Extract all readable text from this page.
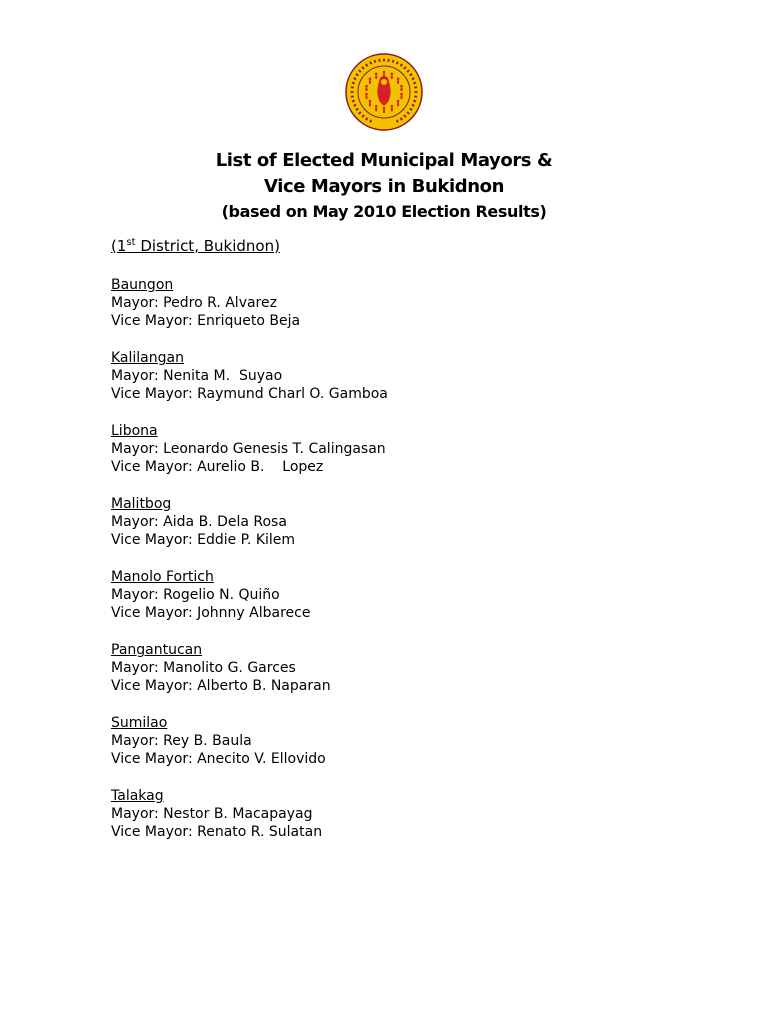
List of Elected Municipal Mayors &
Vice Mayors in Bukidnon
(based on May 2010 Election Results)
(1st District, Bukidnon)
Baungon
Mayor: Pedro R. Alvarez
Vice Mayor: Enriqueto Beja
Kalilangan
Mayor: Nenita M.  Suyao
Vice Mayor: Raymund Charl O. Gamboa
Libona
Mayor: Leonardo Genesis T. Calingasan
Vice Mayor: Aurelio B.    Lopez
Malitbog
Mayor: Aida B. Dela Rosa
Vice Mayor: Eddie P. Kilem
Manolo Fortich
Mayor: Rogelio N. Quiño
Vice Mayor: Johnny Albarece
Pangantucan
Mayor: Manolito G. Garces
Vice Mayor: Alberto B. Naparan
Sumilao
Mayor: Rey B. Baula
Vice Mayor: Anecito V. Ellovido
Talakag
Mayor: Nestor B. Macapayag
Vice Mayor: Renato R. Sulatan
